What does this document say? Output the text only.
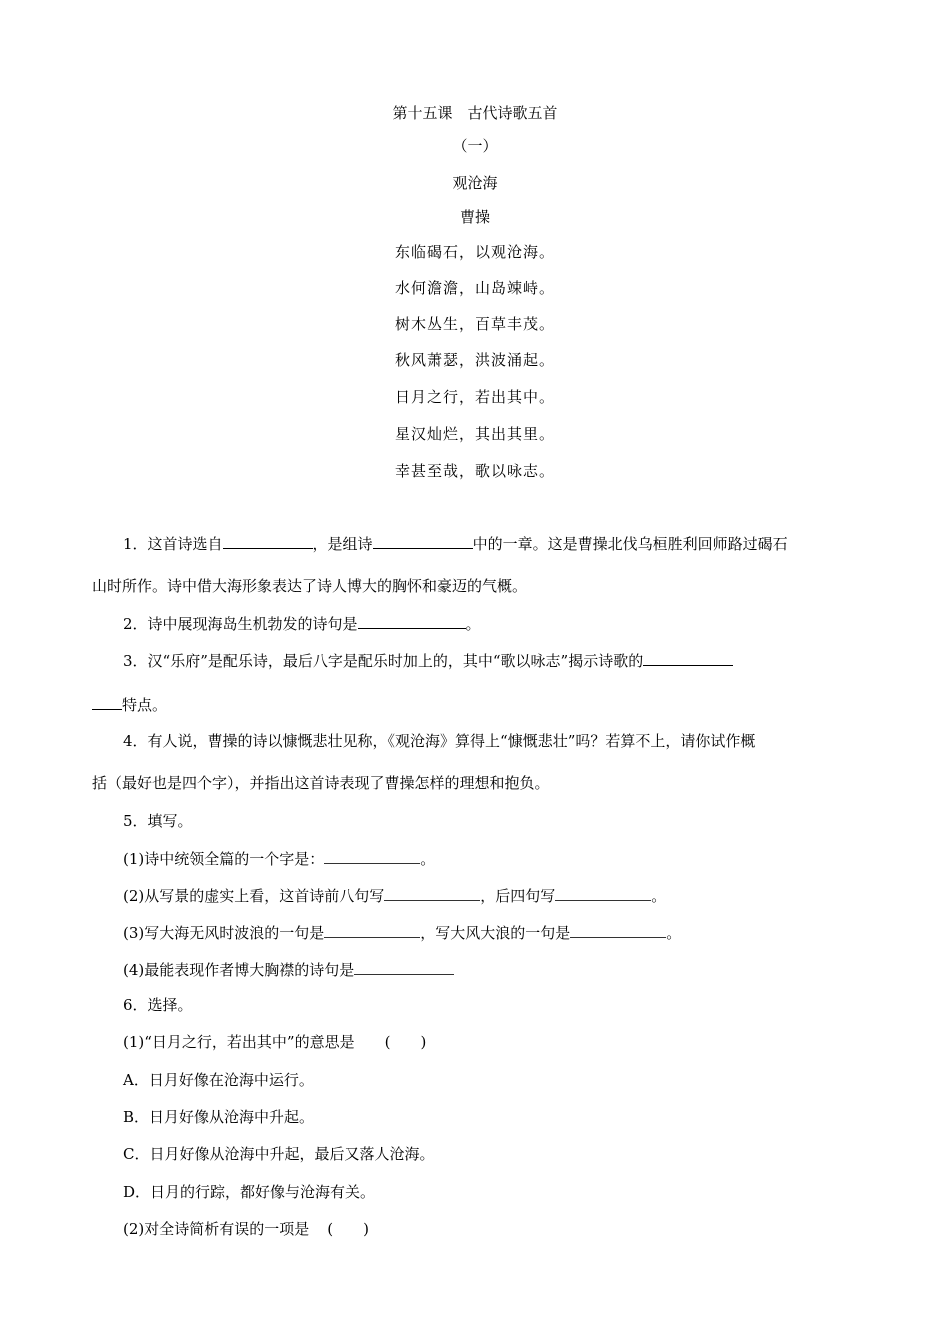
第十五课　古代诗歌五首
（一）
观沧海
曹操
东临碣石，以观沧海。
水何澹澹，山岛竦峙。
树木丛生，百草丰茂。
秋风萧瑟，洪波涌起。
日月之行，若出其中。
星汉灿烂，其出其里。
幸甚至哉，歌以咏志。
1．这首诗选自	，是组诗	中的一章。这是曹操北伐乌桓胜利回师路过碣石
山时所作。诗中借大海形象表达了诗人博大的胸怀和豪迈的气概。
2．诗中展现海岛生机勃发的诗句是	。
3．汉“乐府”是配乐诗，最后八字是配乐时加上的，其中“歌以咏志”揭示诗歌的
特点。
4．有人说，曹操的诗以慷慨悲壮见称，《观沧海》算得上“慷慨悲壮”吗？若算不上，请你试作概
括（最好也是四个字），并指出这首诗表现了曹操怎样的理想和抱负。
5．填写。
(1)诗中统领全篇的一个字是：	。
(2)从写景的虚实上看，这首诗前八句写	，后四句写	。
(3)写大海无风时波浪的一句是	，写大风大浪的一句是	。
(4)最能表现作者博大胸襟的诗句是
6．选择。
(1)“日月之行，若出其中”的意思是 (　　)
A．日月好像在沧海中运行。
B．日月好像从沧海中升起。
C．日月好像从沧海中升起，最后又落人沧海。
D．日月的行踪，都好像与沧海有关。
(2)对全诗简析有误的一项是 (　　)
